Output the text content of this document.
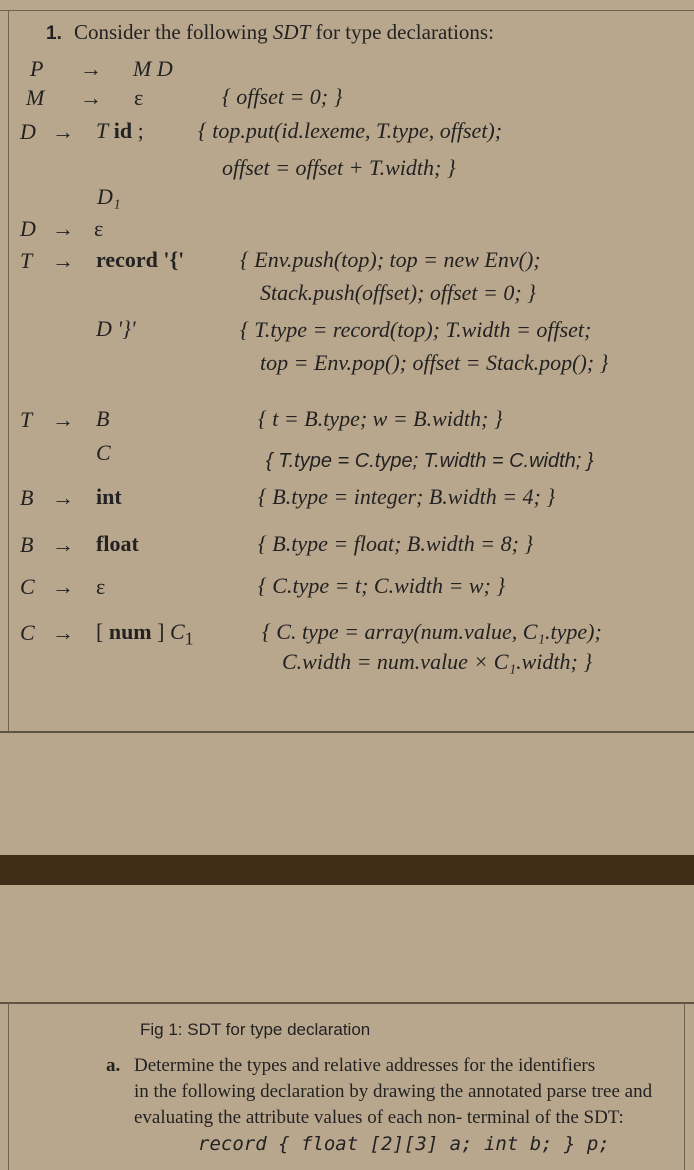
1. Consider the following SDT for type declarations:
P → M D
M → ε	{ offset = 0; }
D → T id ; { top.put(id.lexeme, T.type, offset);
offset = offset + T.width; }
D₁
D → ε
T → record '{'	{ Env.push(top); top = new Env();
Stack.push(offset); offset = 0; }
D '}'	{ T.type = record(top); T.width = offset;
top = Env.pop(); offset = Stack.pop(); }
T → B	{ t = B.type; w = B.width; }
C	{ T.type = C.type; T.width = C.width; }
B → int	{ B.type = integer; B.width = 4; }
B → float	{ B.type = float; B.width = 8; }
C → ε	{ C.type = t; C.width = w; }
C → [ num ] $C_1$	{ C. type = array(num.value, C₁.type);
C.width = num.value × C₁.width; }
Fig 1: SDT for type declaration
a. Determine the types and relative addresses for the identifiers
in the following declaration by drawing the annotated parse tree and
evaluating the attribute values of each non- terminal of the SDT:
record { float [2][3] a; int b; } p;
